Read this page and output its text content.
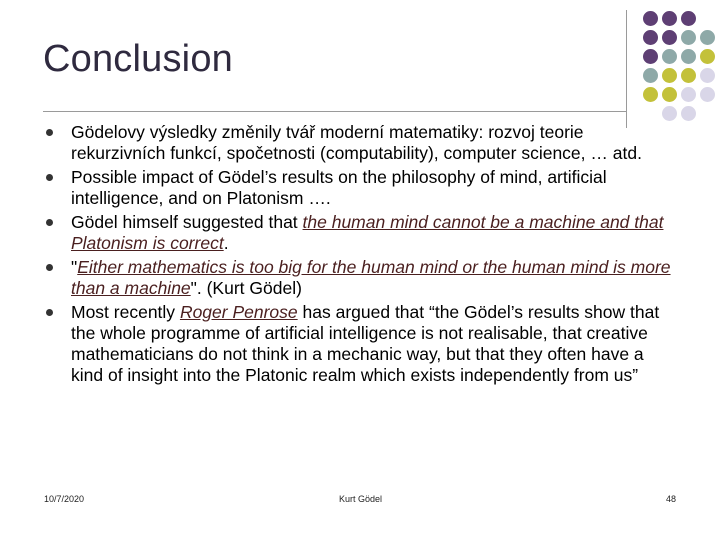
Conclusion
Gödelovy výsledky změnily tvář moderní matematiky: rozvoj teorie rekurzivních funkcí, spočetnosti (computability), computer science, … atd.
Possible impact of Gödel’s results on the philosophy of mind, artificial intelligence, and on Platonism ….
Gödel himself suggested that the human mind cannot be a machine and that Platonism is correct.
"Either mathematics is too big for the human mind or the human mind is more than a machine". (Kurt Gödel)
Most recently Roger Penrose has argued that “the Gödel’s results show that the whole programme of artificial intelligence is not realisable, that creative mathematicians do not think in a mechanic way, but that they often have a kind of insight into the Platonic realm which exists independently from us”
10/7/2020	Kurt Gödel	48
